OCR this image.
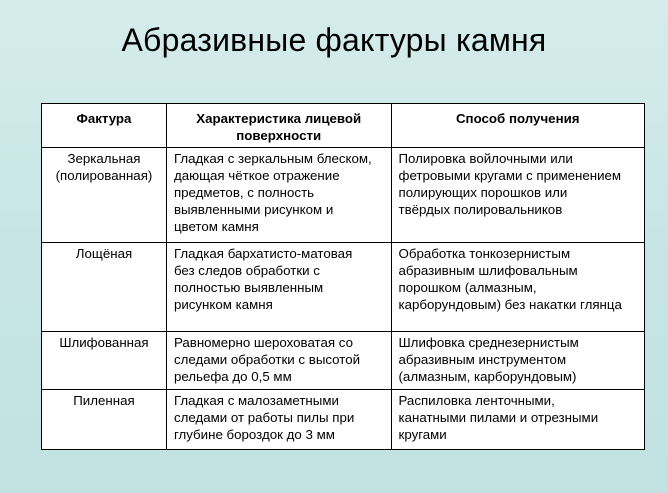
Абразивные фактуры камня
Фактура	Характеристика лицевой поверхности	Способ получения
Зеркальная
(полированная)	Гладкая с зеркальным блеском,
дающая чёткое отражение
предметов, с полность
выявленными рисунком и
цветом камня	Полировка войлочными или
фетровыми кругами с применением
полирующих порошков или
твёрдых полировальников
Лощёная	Гладкая бархатисто-матовая
без следов обработки с
полностью выявленным
рисунком камня	Обработка тонкозернистым
абразивным шлифовальным
порошком (алмазным,
карборундовым) без накатки глянца
Шлифованная	Равномерно шероховатая со
следами обработки с высотой
рельефа до 0,5 мм	Шлифовка среднезернистым
абразивным инструментом
(алмазным, карборундовым)
Пиленная	Гладкая с малозаметными
следами от работы пилы при
глубине бороздок до 3 мм	Распиловка ленточными,
канатными пилами и отрезными
кругами
